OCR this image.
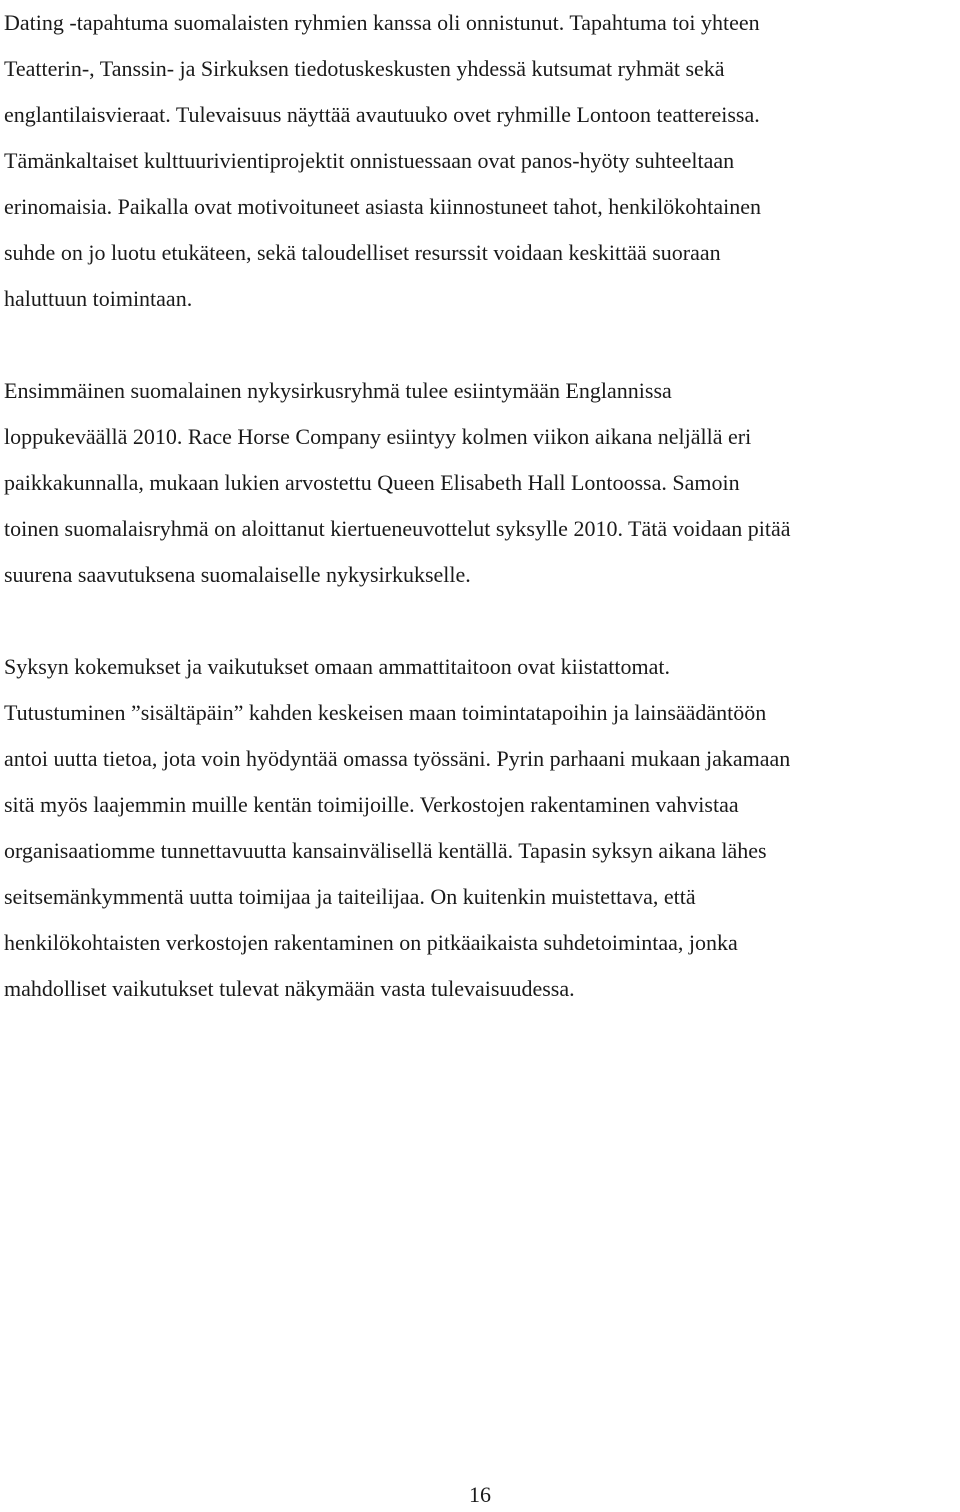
Dating -tapahtuma suomalaisten ryhmien kanssa oli onnistunut. Tapahtuma toi yhteen
Teatterin-, Tanssin- ja Sirkuksen tiedotuskeskusten yhdessä kutsumat ryhmät sekä
englantilaisvieraat. Tulevaisuus näyttää avautuuko ovet ryhmille Lontoon teattereissa.
Tämänkaltaiset kulttuurivientiprojektit onnistuessaan ovat panos-hyöty suhteeltaan
erinomaisia. Paikalla ovat motivoituneet asiasta kiinnostuneet tahot, henkilökohtainen
suhde on jo luotu etukäteen, sekä taloudelliset resurssit voidaan keskittää suoraan
haluttuun toimintaan.

Ensimmäinen suomalainen nykysirkusryhmä tulee esiintymään Englannissa
loppukeväällä 2010. Race Horse Company esiintyy kolmen viikon aikana neljällä eri
paikkakunnalla, mukaan lukien arvostettu Queen Elisabeth Hall Lontoossa. Samoin
toinen suomalaisryhmä on aloittanut kiertueneuvottelut syksylle 2010. Tätä voidaan pitää
suurena saavutuksena suomalaiselle nykysirkukselle.

Syksyn kokemukset ja vaikutukset omaan ammattitaitoon ovat kiistattomat.
Tutustuminen ”sisältäpäin” kahden keskeisen maan toimintatapoihin ja lainsäädäntöön
antoi uutta tietoa, jota voin hyödyntää omassa työssäni. Pyrin parhaani mukaan jakamaan
sitä myös laajemmin muille kentän toimijoille. Verkostojen rakentaminen vahvistaa
organisaatiomme tunnettavuutta kansainvälisellä kentällä. Tapasin syksyn aikana lähes
seitsemänkymmentä uutta toimijaa ja taiteilijaa. On kuitenkin muistettava, että
henkilökohtaisten verkostojen rakentaminen on pitkäaikaista suhdetoimintaa, jonka
mahdolliset vaikutukset tulevat näkymään vasta tulevaisuudessa.

16
